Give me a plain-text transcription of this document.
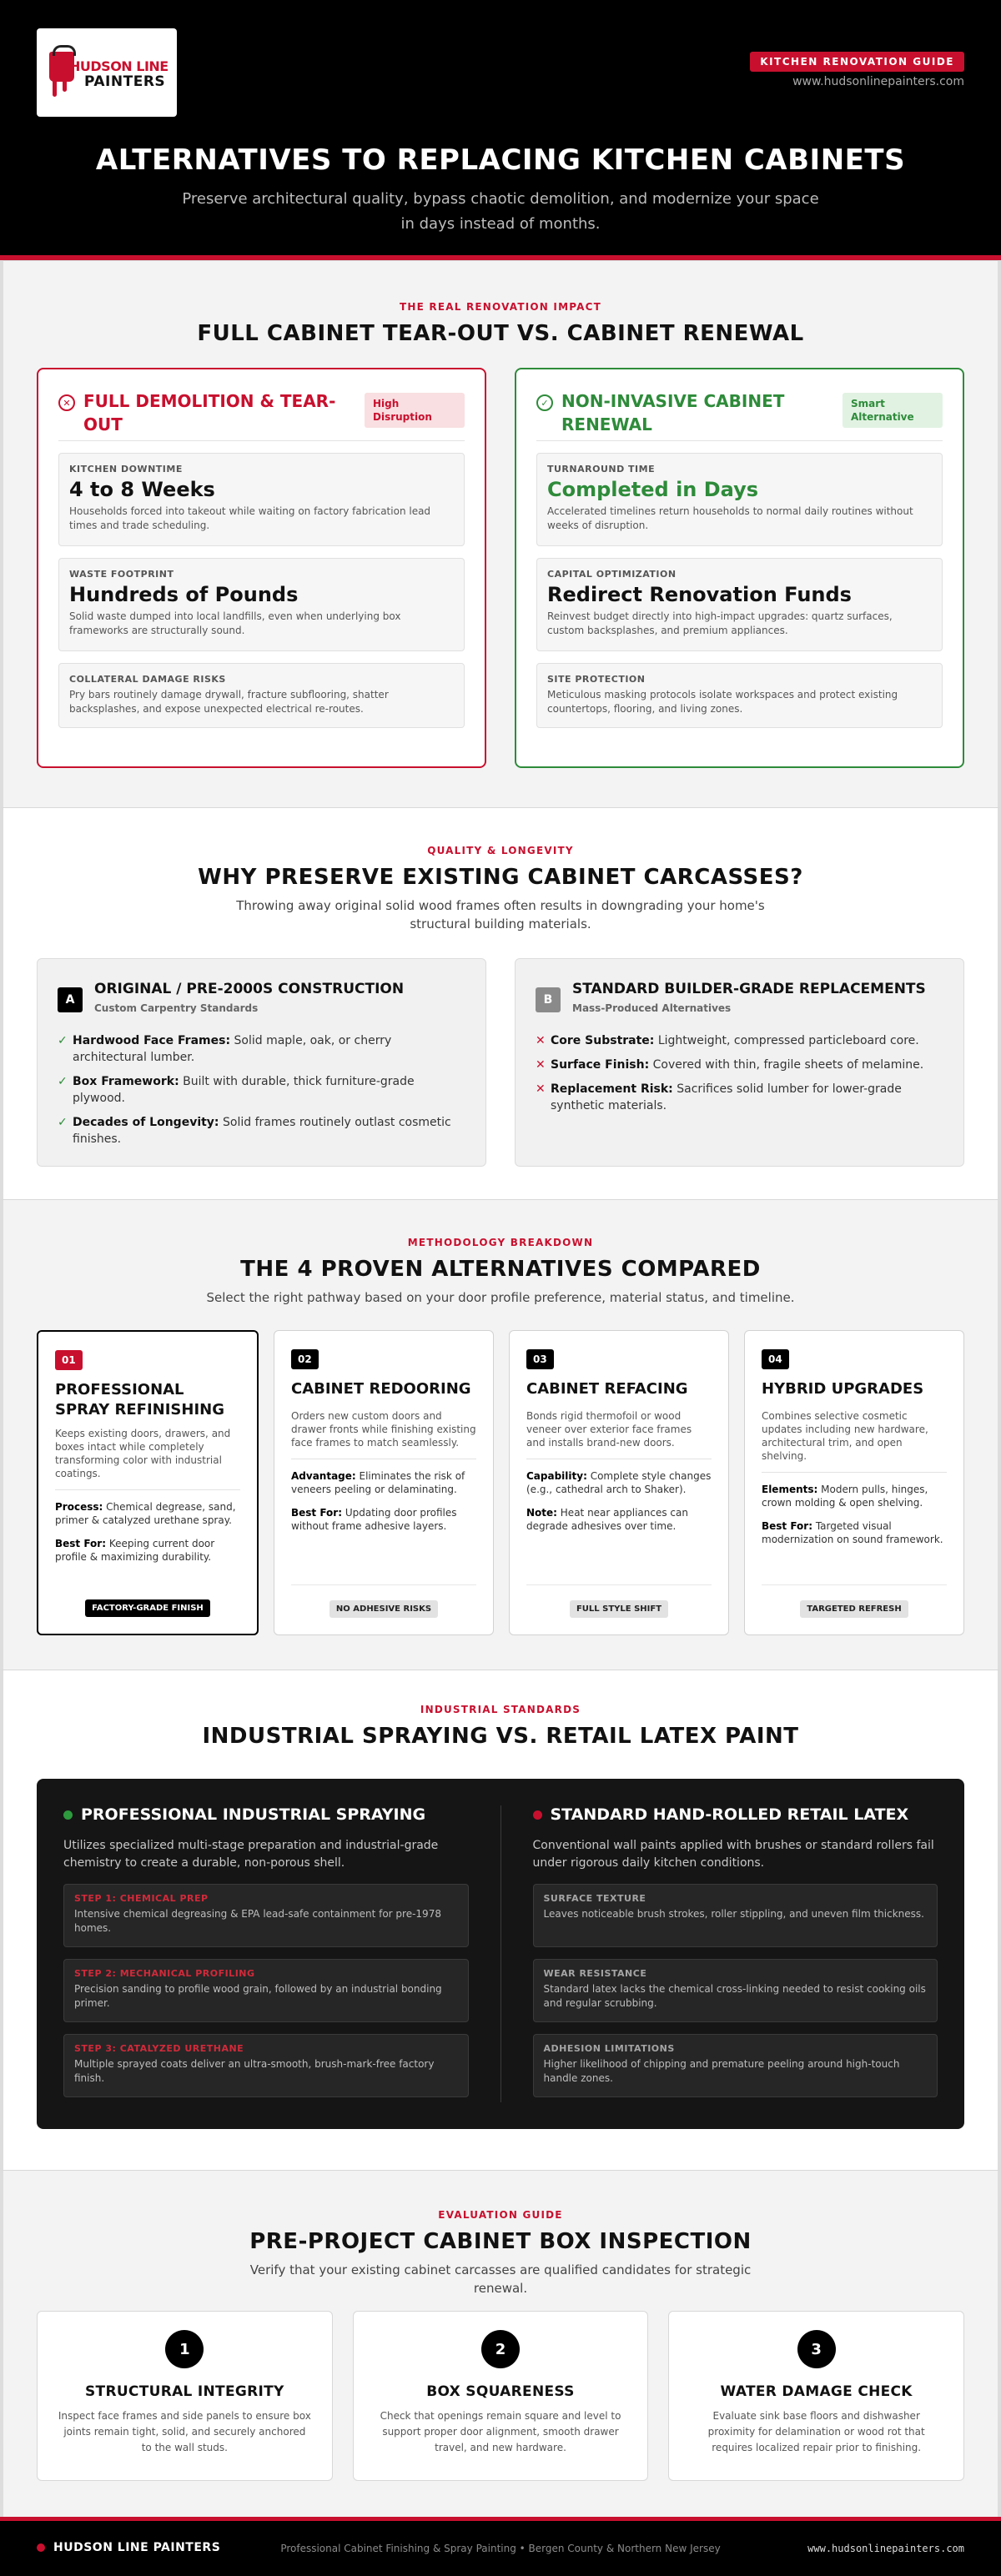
HUDSON LINE
PAINTERS
KITCHEN RENOVATION GUIDE
www.hudsonlinepainters.com
ALTERNATIVES TO REPLACING KITCHEN CABINETS

Preserve architectural quality, bypass chaotic demolition, and modernize your space in days instead of months.

THE REAL RENOVATION IMPACT
FULL CABINET TEAR-OUT VS. CABINET RENEWAL
✕ FULL DEMOLITION & TEAR-OUT
High Disruption
KITCHEN DOWNTIME
4 to 8 Weeks
Households forced into takeout while waiting on factory fabrication lead times and trade scheduling.
WASTE FOOTPRINT
Hundreds of Pounds
Solid waste dumped into local landfills, even when underlying box frameworks are structurally sound.
COLLATERAL DAMAGE RISKS
Pry bars routinely damage drywall, fracture subflooring, shatter backsplashes, and expose unexpected electrical re-routes.
✓ NON-INVASIVE CABINET RENEWAL
Smart Alternative
TURNAROUND TIME
Completed in Days
Accelerated timelines return households to normal daily routines without weeks of disruption.
CAPITAL OPTIMIZATION
Redirect Renovation Funds
Reinvest budget directly into high-impact upgrades: quartz surfaces, custom backsplashes, and premium appliances.
SITE PROTECTION
Meticulous masking protocols isolate workspaces and protect existing countertops, flooring, and living zones.
QUALITY & LONGEVITY
WHY PRESERVE EXISTING CABINET CARCASSES?

Throwing away original solid wood frames often results in downgrading your home's structural building materials.

A
ORIGINAL / PRE-2000S CONSTRUCTION
Custom Carpentry Standards
✓ Hardwood Face Frames: Solid maple, oak, or cherry architectural lumber.
✓ Box Framework: Built with durable, thick furniture-grade plywood.
✓ Decades of Longevity: Solid frames routinely outlast cosmetic finishes.
B
STANDARD BUILDER-GRADE REPLACEMENTS
Mass-Produced Alternatives
✕ Core Substrate: Lightweight, compressed particleboard core.
✕ Surface Finish: Covered with thin, fragile sheets of melamine.
✕ Replacement Risk: Sacrifices solid lumber for lower-grade synthetic materials.
METHODOLOGY BREAKDOWN
THE 4 PROVEN ALTERNATIVES COMPARED

Select the right pathway based on your door profile preference, material status, and timeline.

01
PROFESSIONAL SPRAY REFINISHING
Keeps existing doors, drawers, and boxes intact while completely transforming color with industrial coatings.
Process: Chemical degrease, sand, primer & catalyzed urethane spray.
Best For: Keeping current door profile & maximizing durability.
FACTORY-GRADE FINISH
02
CABINET REDOORING
Orders new custom doors and drawer fronts while finishing existing face frames to match seamlessly.
Advantage: Eliminates the risk of veneers peeling or delaminating.
Best For: Updating door profiles without frame adhesive layers.
NO ADHESIVE RISKS
03
CABINET REFACING
Bonds rigid thermofoil or wood veneer over exterior face frames and installs brand-new doors.
Capability: Complete style changes (e.g., cathedral arch to Shaker).
Note: Heat near appliances can degrade adhesives over time.
FULL STYLE SHIFT
04
HYBRID UPGRADES
Combines selective cosmetic updates including new hardware, architectural trim, and open shelving.
Elements: Modern pulls, hinges, crown molding & open shelving.
Best For: Targeted visual modernization on sound framework.
TARGETED REFRESH
INDUSTRIAL STANDARDS
INDUSTRIAL SPRAYING VS. RETAIL LATEX PAINT
PROFESSIONAL INDUSTRIAL SPRAYING

Utilizes specialized multi-stage preparation and industrial-grade chemistry to create a durable, non-porous shell.

STEP 1: CHEMICAL PREP
Intensive chemical degreasing & EPA lead-safe containment for pre-1978 homes.
STEP 2: MECHANICAL PROFILING
Precision sanding to profile wood grain, followed by an industrial bonding primer.
STEP 3: CATALYZED URETHANE
Multiple sprayed coats deliver an ultra-smooth, brush-mark-free factory finish.
STANDARD HAND-ROLLED RETAIL LATEX

Conventional wall paints applied with brushes or standard rollers fail under rigorous daily kitchen conditions.

SURFACE TEXTURE
Leaves noticeable brush strokes, roller stippling, and uneven film thickness.
WEAR RESISTANCE
Standard latex lacks the chemical cross-linking needed to resist cooking oils and regular scrubbing.
ADHESION LIMITATIONS
Higher likelihood of chipping and premature peeling around high-touch handle zones.
EVALUATION GUIDE
PRE-PROJECT CABINET BOX INSPECTION

Verify that your existing cabinet carcasses are qualified candidates for strategic renewal.

1
STRUCTURAL INTEGRITY
Inspect face frames and side panels to ensure box joints remain tight, solid, and securely anchored to the wall studs.
2
BOX SQUARENESS
Check that openings remain square and level to support proper door alignment, smooth drawer travel, and new hardware.
3
WATER DAMAGE CHECK
Evaluate sink base floors and dishwasher proximity for delamination or wood rot that requires localized repair prior to finishing.
HUDSON LINE PAINTERS	Professional Cabinet Finishing & Spray Painting • Bergen County & Northern New Jersey	www.hudsonlinepainters.com
